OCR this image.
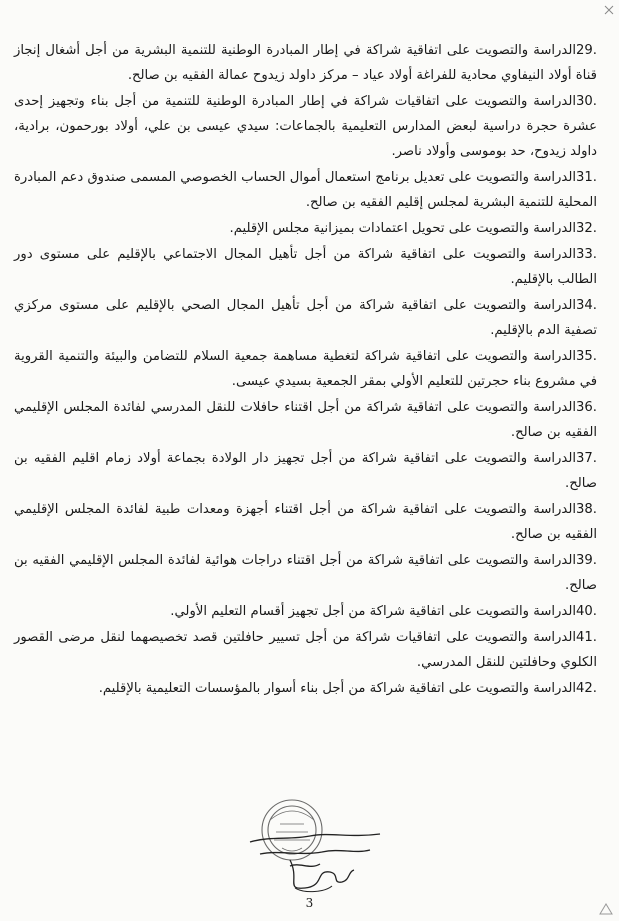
29.الدراسة والتصويت على اتفاقية شراكة في إطار المبادرة الوطنية للتنمية البشرية من أجل أشغال إنجاز قناة أولاد النيفاوي محادية للفراغة أولاد عياد – مركز داولد زيدوح عمالة الفقيه بن صالح.
30.الدراسة والتصويت على اتفاقيات شراكة في إطار المبادرة الوطنية للتنمية من أجل بناء وتجهيز إحدى عشرة حجرة دراسية لبعض المدارس التعليمية بالجماعات: سيدي عيسى بن علي، أولاد بورحمون، برادية، داولد زيدوح، حد بوموسى وأولاد ناصر.
31.الدراسة والتصويت على تعديل برنامج استعمال أموال الحساب الخصوصي المسمى صندوق دعم المبادرة المحلية للتنمية البشرية لمجلس إقليم الفقيه بن صالح.
32.الدراسة والتصويت على تحويل اعتمادات بميزانية مجلس الإقليم.
33.الدراسة والتصويت على اتفاقية شراكة من أجل تأهيل المجال الاجتماعي بالإقليم على مستوى دور الطالب بالإقليم.
34.الدراسة والتصويت على اتفاقية شراكة من أجل تأهيل المجال الصحي بالإقليم على مستوى مركزي تصفية الدم بالإقليم.
35.الدراسة والتصويت على اتفاقية شراكة لتغطية مساهمة جمعية السلام للتضامن والبيئة والتنمية القروية في مشروع بناء حجرتين للتعليم الأولي بمقر الجمعية بسيدي عيسى.
36.الدراسة والتصويت على اتفاقية شراكة من أجل اقتناء حافلات للنقل المدرسي لفائدة المجلس الإقليمي الفقيه بن صالح.
37.الدراسة والتصويت على اتفاقية شراكة من أجل تجهيز دار الولادة بجماعة أولاد زمام اقليم الفقيه بن صالح.
38.الدراسة والتصويت على اتفاقية شراكة من أجل اقتناء أجهزة ومعدات طبية لفائدة المجلس الإقليمي الفقيه بن صالح.
39.الدراسة والتصويت على اتفاقية شراكة من أجل اقتناء دراجات هوائية لفائدة المجلس الإقليمي الفقيه بن صالح.
40.الدراسة والتصويت على اتفاقية شراكة من أجل تجهيز أقسام التعليم الأولي.
41.الدراسة والتصويت على اتفاقيات شراكة من أجل تسيير حافلتين قصد تخصيصهما لنقل مرضى القصور الكلوي وحافلتين للنقل المدرسي.
42.الدراسة والتصويت على اتفاقية شراكة من أجل بناء أسوار بالمؤسسات التعليمية بالإقليم.
3
